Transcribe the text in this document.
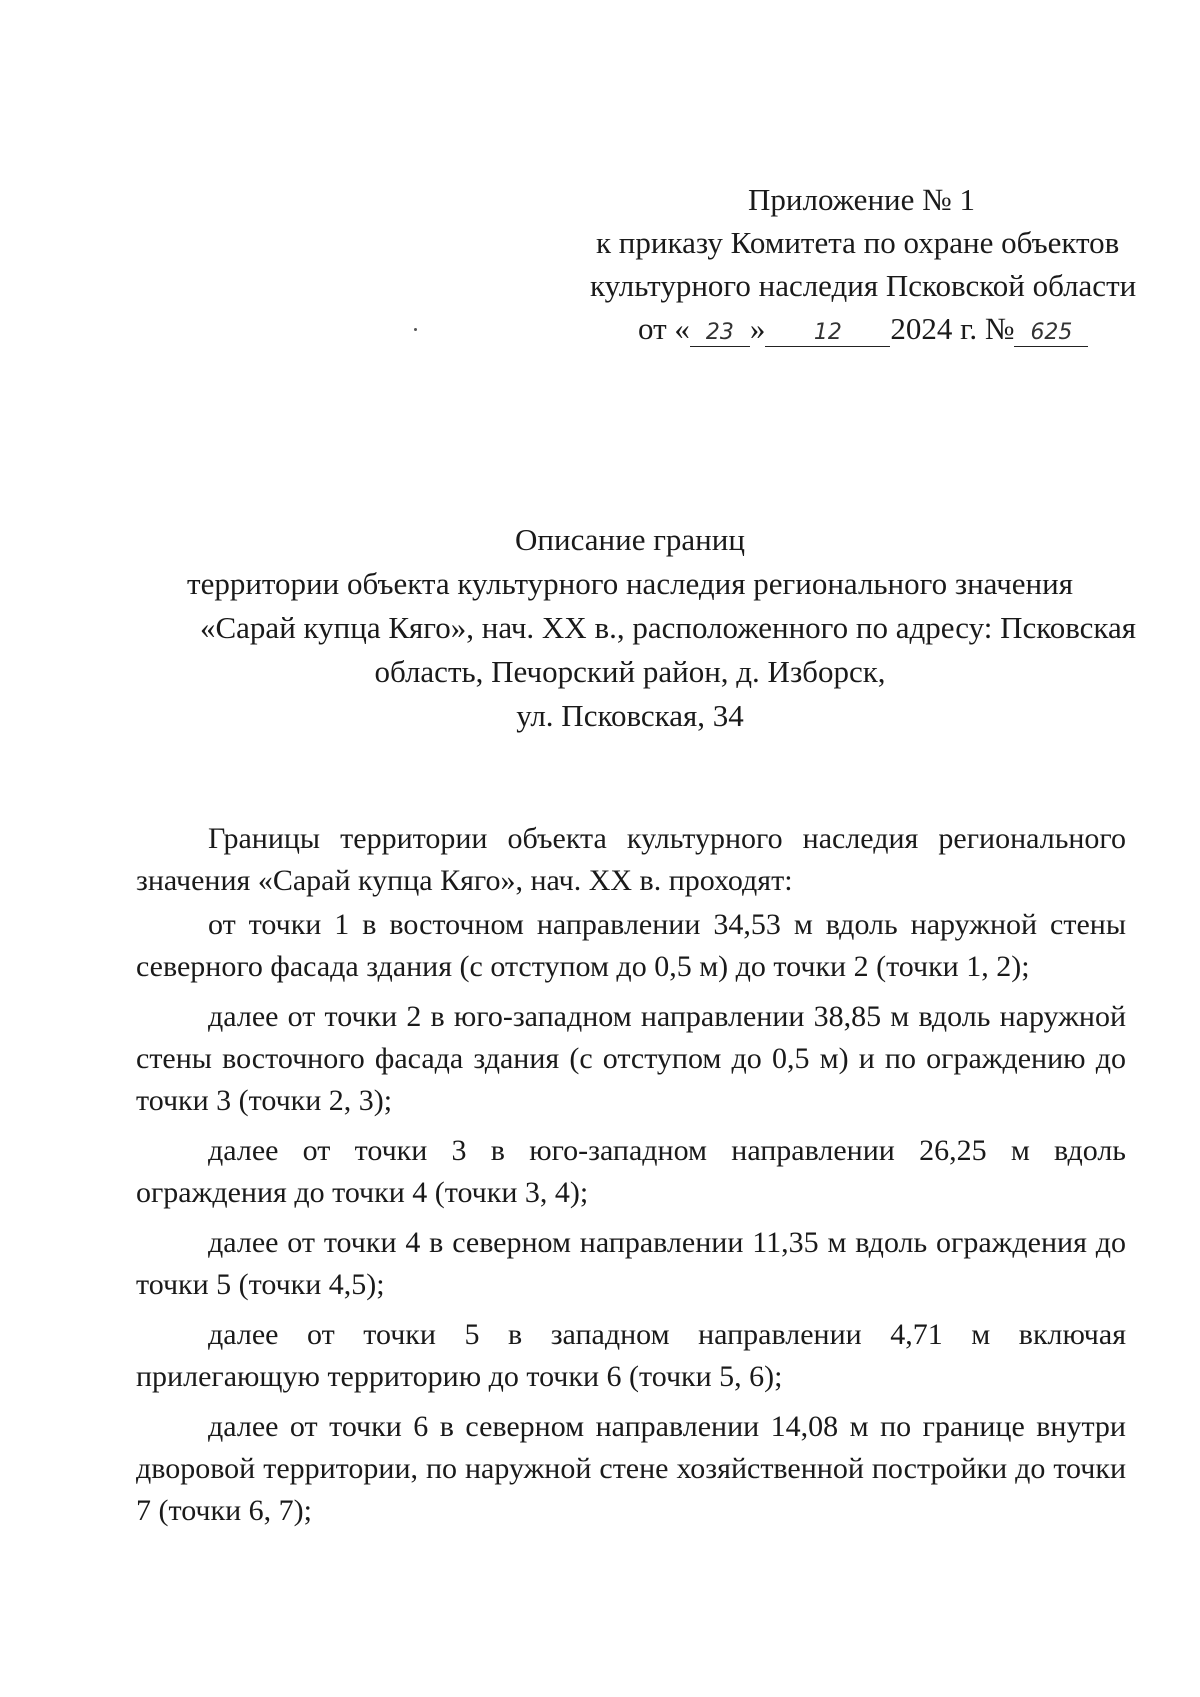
Приложение № 1
к приказу Комитета по охране объектов
культурного наследия Псковской области
от « 23 » 12 2024 г. № 625
Описание границ
территории объекта культурного наследия регионального значения
«Сарай купца Кяго», нач. XX в., расположенного по адресу: Псковская
область, Печорский район, д. Изборск,
ул. Псковская, 34

Границы территории объекта культурного наследия регионального значения «Сарай купца Кяго», нач. XX в. проходят:

от точки 1 в восточном направлении 34,53 м вдоль наружной стены северного фасада здания (с отступом до 0,5 м) до точки 2 (точки 1, 2);

далее от точки 2 в юго-западном направлении 38,85 м вдоль наружной стены восточного фасада здания (с отступом до 0,5 м) и по ограждению до точки 3 (точки 2, 3);

далее от точки 3 в юго-западном направлении 26,25 м вдоль ограждения до точки 4 (точки 3, 4);

далее от точки 4 в северном направлении 11,35 м вдоль ограждения до точки 5 (точки 4,5);

далее от точки 5 в западном направлении 4,71 м включая прилегающую территорию до точки 6 (точки 5, 6);

далее от точки 6 в северном направлении 14,08 м по границе внутри дворовой территории, по наружной стене хозяйственной постройки до точки 7 (точки 6, 7);
